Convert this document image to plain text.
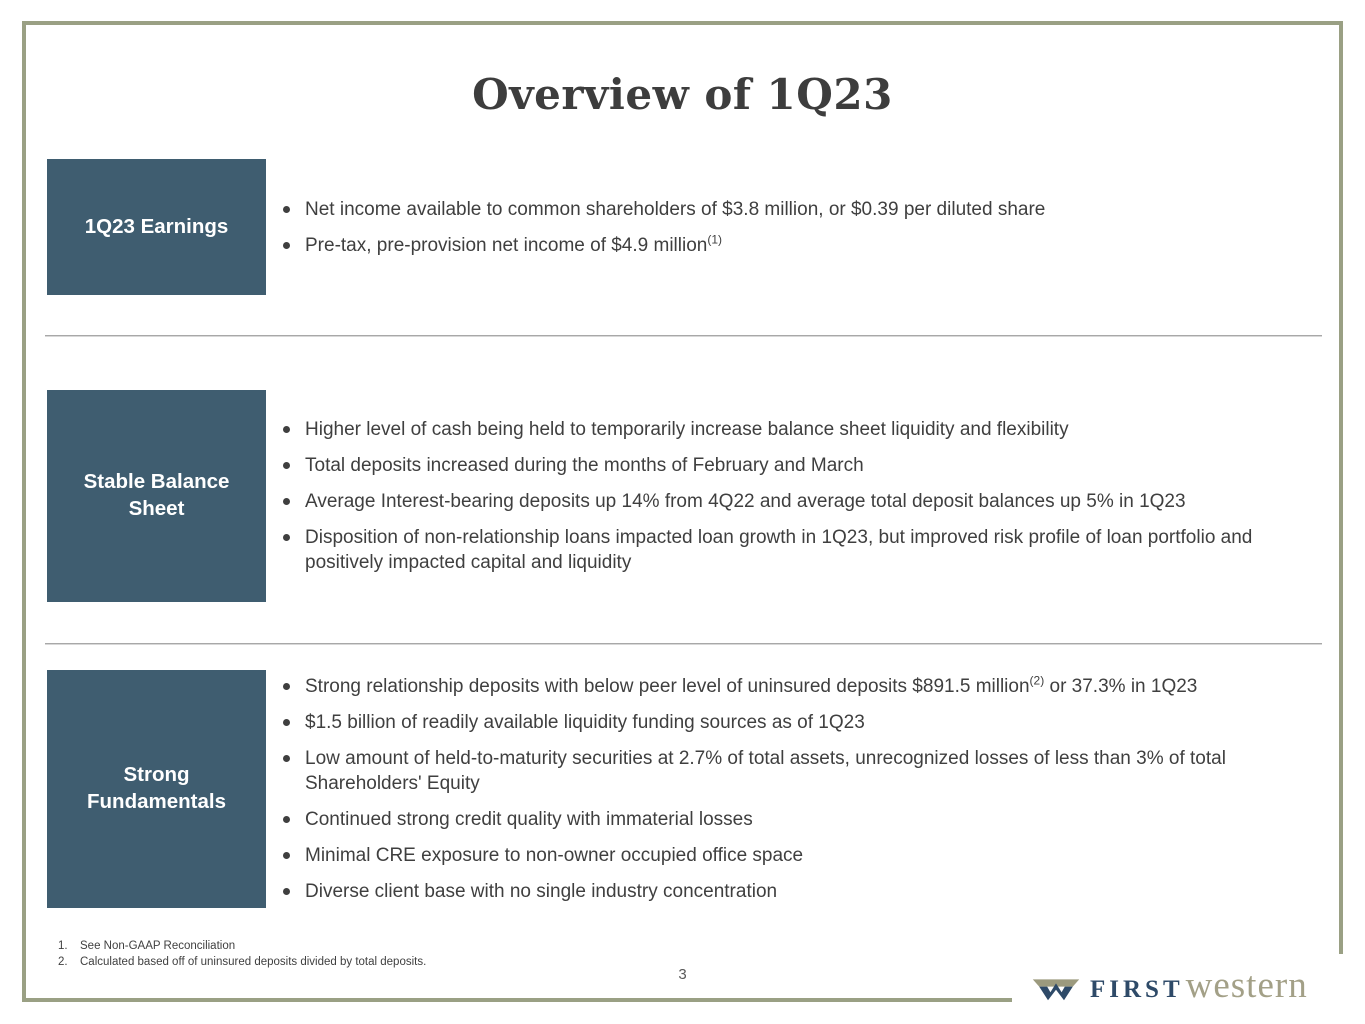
Overview of 1Q23
1Q23 Earnings
Net income available to common shareholders of $3.8 million, or $0.39 per diluted share
Pre-tax, pre-provision net income of $4.9 million$^{(1)}$
Stable Balance Sheet
Higher level of cash being held to temporarily increase balance sheet liquidity and flexibility
Total deposits increased during the months of February and March
Average Interest-bearing deposits up 14% from 4Q22 and average total deposit balances up 5% in 1Q23
Disposition of non-relationship loans impacted loan growth in 1Q23, but improved risk profile of loan portfolio and positively impacted capital and liquidity
Strong Fundamentals
Strong relationship deposits with below peer level of uninsured deposits $891.5 million$^{(2)}$ or 37.3% in 1Q23
$1.5 billion of readily available liquidity funding sources as of 1Q23
Low amount of held-to-maturity securities at 2.7% of total assets, unrecognized losses of less than 3% of total Shareholders' Equity
Continued strong credit quality with immaterial losses
Minimal CRE exposure to non-owner occupied office space
Diverse client base with no single industry concentration
1.	See Non-GAAP Reconciliation
2.	Calculated based off of uninsured deposits divided by total deposits.
3
FIRST western
